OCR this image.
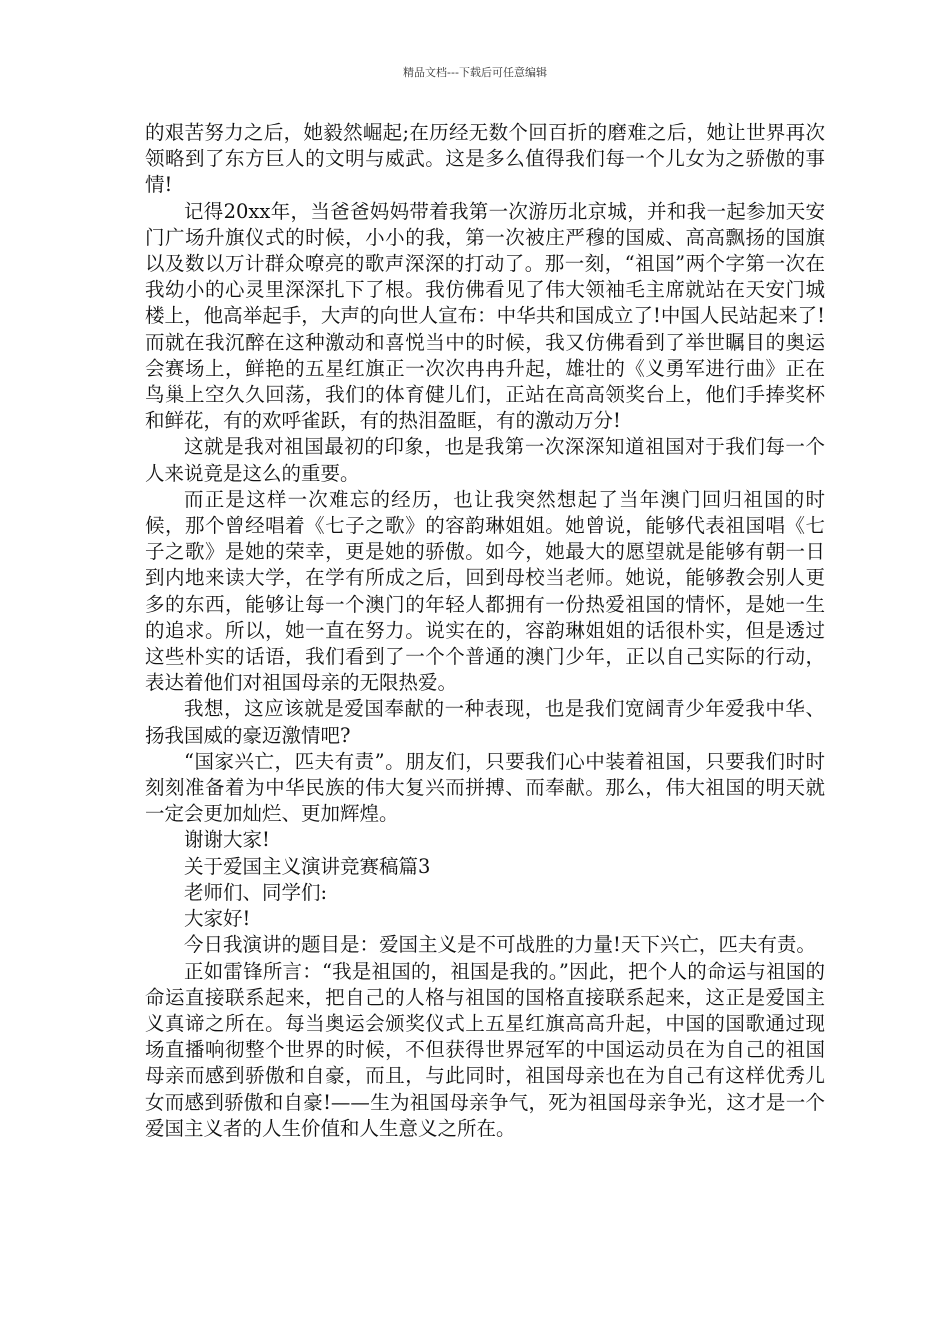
精品文档---下载后可任意编辑

的艰苦努力之后，她毅然崛起;在历经无数个回百折的磨难之后，她让世界再次领略到了东方巨人的文明与威武。这是多么值得我们每一个儿女为之骄傲的事情!

记得20xx年，当爸爸妈妈带着我第一次游历北京城，并和我一起参加天安门广场升旗仪式的时候，小小的我，第一次被庄严穆的国威、高高飘扬的国旗以及数以万计群众嘹亮的歌声深深的打动了。那一刻，“祖国”两个字第一次在我幼小的心灵里深深扎下了根。我仿佛看见了伟大领袖毛主席就站在天安门城楼上，他高举起手，大声的向世人宣布：中华共和国成立了!中国人民站起来了!而就在我沉醉在这种激动和喜悦当中的时候，我又仿佛看到了举世瞩目的奥运会赛场上，鲜艳的五星红旗正一次次冉冉升起，雄壮的《义勇军进行曲》正在鸟巢上空久久回荡，我们的体育健儿们，正站在高高领奖台上，他们手捧奖杯和鲜花，有的欢呼雀跃，有的热泪盈眶，有的激动万分!

这就是我对祖国最初的印象，也是我第一次深深知道祖国对于我们每一个人来说竟是这么的重要。

而正是这样一次难忘的经历，也让我突然想起了当年澳门回归祖国的时候，那个曾经唱着《七子之歌》的容韵琳姐姐。她曾说，能够代表祖国唱《七子之歌》是她的荣幸，更是她的骄傲。如今，她最大的愿望就是能够有朝一日到内地来读大学，在学有所成之后，回到母校当老师。她说，能够教会别人更多的东西，能够让每一个澳门的年轻人都拥有一份热爱祖国的情怀，是她一生的追求。所以，她一直在努力。说实在的，容韵琳姐姐的话很朴实，但是透过这些朴实的话语，我们看到了一个个普通的澳门少年，正以自己实际的行动，表达着他们对祖国母亲的无限热爱。

我想，这应该就是爱国奉献的一种表现，也是我们宽阔青少年爱我中华、扬我国威的豪迈激情吧?

“国家兴亡，匹夫有责”。朋友们，只要我们心中装着祖国，只要我们时时刻刻准备着为中华民族的伟大复兴而拼搏、而奉献。那么，伟大祖国的明天就一定会更加灿烂、更加辉煌。

谢谢大家!

关于爱国主义演讲竞赛稿篇3

老师们、同学们:

大家好!

今日我演讲的题目是：爱国主义是不可战胜的力量!天下兴亡，匹夫有责。

正如雷锋所言：“我是祖国的，祖国是我的。”因此，把个人的命运与祖国的命运直接联系起来，把自己的人格与祖国的国格直接联系起来，这正是爱国主义真谛之所在。每当奥运会颁奖仪式上五星红旗高高升起，中国的国歌通过现场直播响彻整个世界的时候，不但获得世界冠军的中国运动员在为自己的祖国母亲而感到骄傲和自豪，而且，与此同时，祖国母亲也在为自己有这样优秀儿女而感到骄傲和自豪!——生为祖国母亲争气，死为祖国母亲争光，这才是一个爱国主义者的人生价值和人生意义之所在。
